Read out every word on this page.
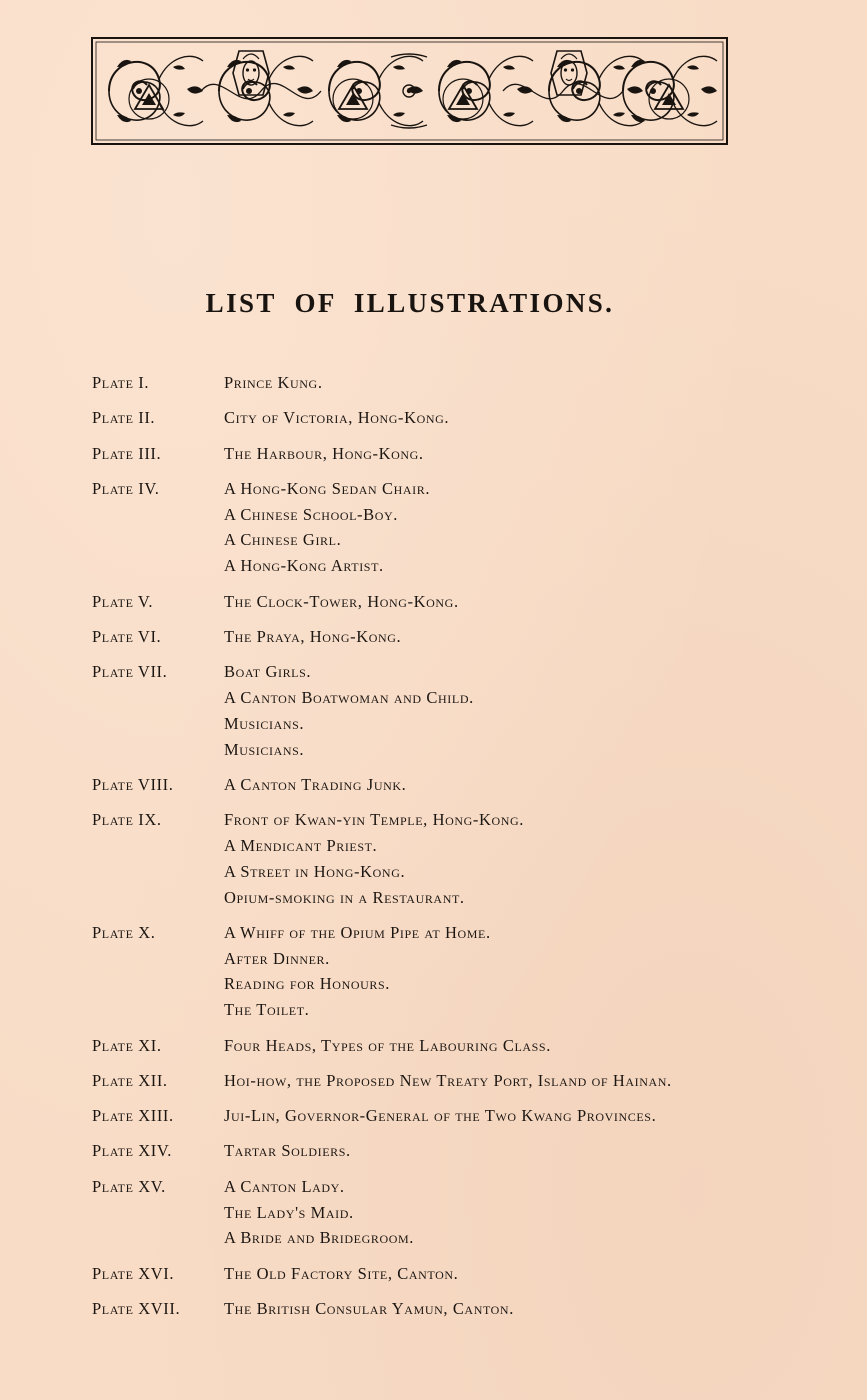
LIST OF ILLUSTRATIONS.
Plate I.	Prince Kung.
Plate II.	City of Victoria, Hong-Kong.
Plate III.	The Harbour, Hong-Kong.
Plate IV.	A Hong-Kong Sedan Chair.
A Chinese School-Boy.
A Chinese Girl.
A Hong-Kong Artist.
Plate V.	The Clock-Tower, Hong-Kong.
Plate VI.	The Praya, Hong-Kong.
Plate VII.	Boat Girls.
A Canton Boatwoman and Child.
Musicians.
Musicians.
Plate VIII.	A Canton Trading Junk.
Plate IX.	Front of Kwan-yin Temple, Hong-Kong.
A Mendicant Priest.
A Street in Hong-Kong.
Opium-smoking in a Restaurant.
Plate X.	A Whiff of the Opium Pipe at Home.
After Dinner.
Reading for Honours.
The Toilet.
Plate XI.	Four Heads, Types of the Labouring Class.
Plate XII.	Hoi-how, the Proposed New Treaty Port, Island of Hainan.
Plate XIII.	Jui-Lin, Governor-General of the Two Kwang Provinces.
Plate XIV.	Tartar Soldiers.
Plate XV.	A Canton Lady.
The Lady's Maid.
A Bride and Bridegroom.
Plate XVI.	The Old Factory Site, Canton.
Plate XVII.	The British Consular Yamun, Canton.
